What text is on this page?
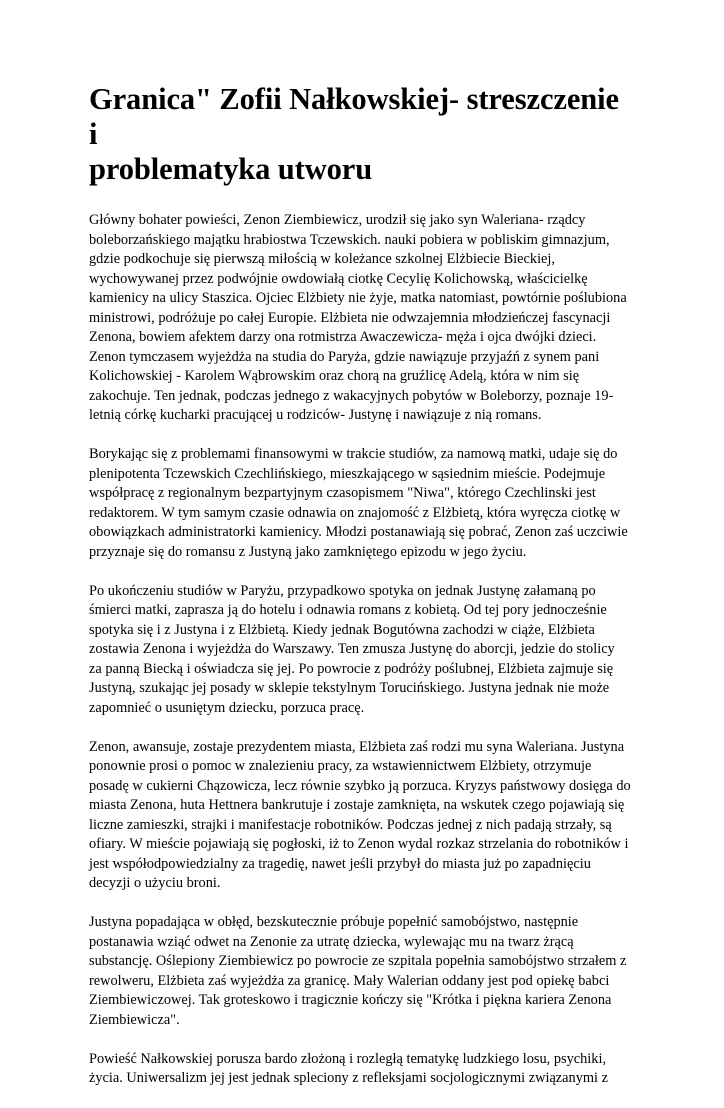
Granica" Zofii Nałkowskiej- streszczenie i
problematyka utworu

Główny bohater powieści, Zenon Ziembiewicz, urodził się jako syn Waleriana- rządcy
boleborzańskiego majątku hrabiostwa Tczewskich. nauki pobiera w pobliskim gimnazjum,
gdzie podkochuje się pierwszą miłością w koleżance szkolnej Elżbiecie Bieckiej,
wychowywanej przez podwójnie owdowiałą ciotkę Cecylię Kolichowską, właścicielkę
kamienicy na ulicy Staszica. Ojciec Elżbiety nie żyje, matka natomiast, powtórnie poślubiona
ministrowi, podróżuje po całej Europie. Elżbieta nie odwzajemnia młodzieńczej fascynacji
Zenona, bowiem afektem darzy ona rotmistrza Awaczewicza- męża i ojca dwójki dzieci.
Zenon tymczasem wyjeżdża na studia do Paryża, gdzie nawiązuje przyjaźń z synem pani
Kolichowskiej - Karolem Wąbrowskim oraz chorą na gruźlicę Adelą, która w nim się
zakochuje. Ten jednak, podczas jednego z wakacyjnych pobytów w Boleborzy, poznaje 19-
letnią córkę kucharki pracującej u rodziców- Justynę i nawiązuje z nią romans.

Borykając się z problemami finansowymi w trakcie studiów, za namową matki, udaje się do
plenipotenta Tczewskich Czechlińskiego, mieszkającego w sąsiednim mieście. Podejmuje
współpracę z regionalnym bezpartyjnym czasopismem "Niwa", którego Czechlinski jest
redaktorem. W tym samym czasie odnawia on znajomość z Elżbietą, która wyręcza ciotkę w
obowiązkach administratorki kamienicy. Młodzi postanawiają się pobrać, Zenon zaś uczciwie
przyznaje się do romansu z Justyną jako zamkniętego epizodu w jego życiu.

Po ukończeniu studiów w Paryżu, przypadkowo spotyka on jednak Justynę załamaną po
śmierci matki, zaprasza ją do hotelu i odnawia romans z kobietą. Od tej pory jednocześnie
spotyka się i z Justyna i z Elżbietą. Kiedy jednak Bogutówna zachodzi w ciąże, Elżbieta
zostawia Zenona i wyjeżdża do Warszawy. Ten zmusza Justynę do aborcji, jedzie do stolicy
za panną Biecką i oświadcza się jej. Po powrocie z podróży poślubnej, Elżbieta zajmuje się
Justyną, szukając jej posady w sklepie tekstylnym Torucińskiego. Justyna jednak nie może
zapomnieć o usuniętym dziecku, porzuca pracę.

Zenon, awansuje, zostaje prezydentem miasta, Elżbieta zaś rodzi mu syna Waleriana. Justyna
ponownie prosi o pomoc w znalezieniu pracy, za wstawiennictwem Elżbiety, otrzymuje
posadę w cukierni Chązowicza, lecz równie szybko ją porzuca. Kryzys państwowy dosięga do
miasta Zenona, huta Hettnera bankrutuje i zostaje zamknięta, na wskutek czego pojawiają się
liczne zamieszki, strajki i manifestacje robotników. Podczas jednej z nich padają strzały, są
ofiary. W mieście pojawiają się pogłoski, iż to Zenon wydal rozkaz strzelania do robotników i
jest współodpowiedzialny za tragedię, nawet jeśli przybył do miasta już po zapadnięciu
decyzji o użyciu broni.

Justyna popadająca w obłęd, bezskutecznie próbuje popełnić samobójstwo, następnie
postanawia wziąć odwet na Zenonie za utratę dziecka, wylewając mu na twarz żrącą
substancję. Oślepiony Ziembiewicz po powrocie ze szpitala popełnia samobójstwo strzałem z
rewolweru, Elżbieta zaś wyjeżdża za granicę. Mały Walerian oddany jest pod opiekę babci
Ziembiewiczowej. Tak groteskowo i tragicznie kończy się "Krótka i piękna kariera Zenona
Ziembiewicza".

Powieść Nałkowskiej porusza bardo złożoną i rozległą tematykę ludzkiego losu, psychiki,
życia. Uniwersalizm jej jest jednak spleciony z refleksjami socjologicznymi związanymi z
